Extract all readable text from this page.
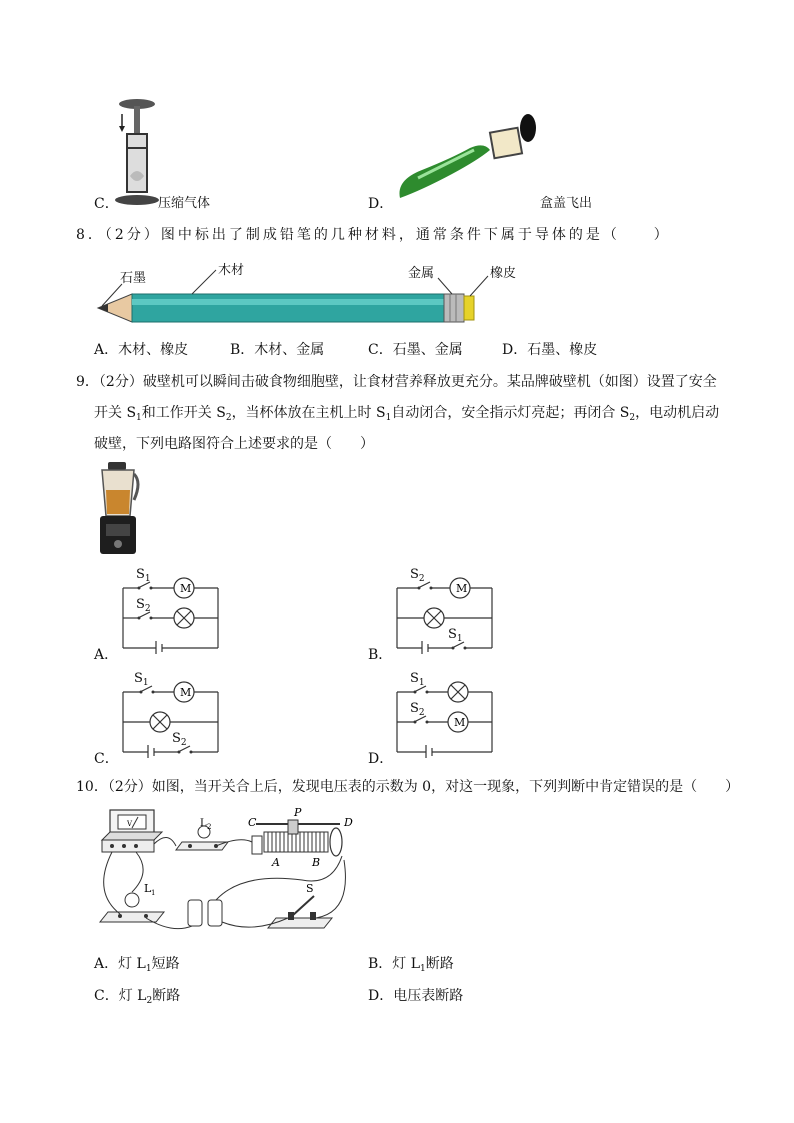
C．	压缩气体	D．	盒盖飞出
8．（2分）图中标出了制成铅笔的几种材料，通常条件下属于导体的是（　　）
石墨
木材	金属	橡皮
A．木材、橡皮	B．木材、金属	C．石墨、金属	D．石墨、橡皮
9．（2分）破壁机可以瞬间击破食物细胞壁，让食材营养释放更充分。某品牌破壁机（如图）设置了安全
开关 $S_1$和工作开关 $S_2$，当杯体放在主机上时 $S_1$自动闭合，安全指示灯亮起；再闭合 $S_2$，电动机启动
破壁，下列电路图符合上述要求的是（　　）
M
$S_1$
$S_2$
A．
M
$S_2$
$S_1$
B．
M
$S_1$
$S_2$
C．
M
$S_1$
$S_2$
D．
10．（2分）如图，当开关合上后，发现电压表的示数为 0，对这一现象，下列判断中肯定错误的是（　　）
V	L 2
L 1
P
C	D
A	B
S
A．灯 $L_1$短路	B．灯 $L_1$断路
C．灯 $L_2$断路	D．电压表断路
